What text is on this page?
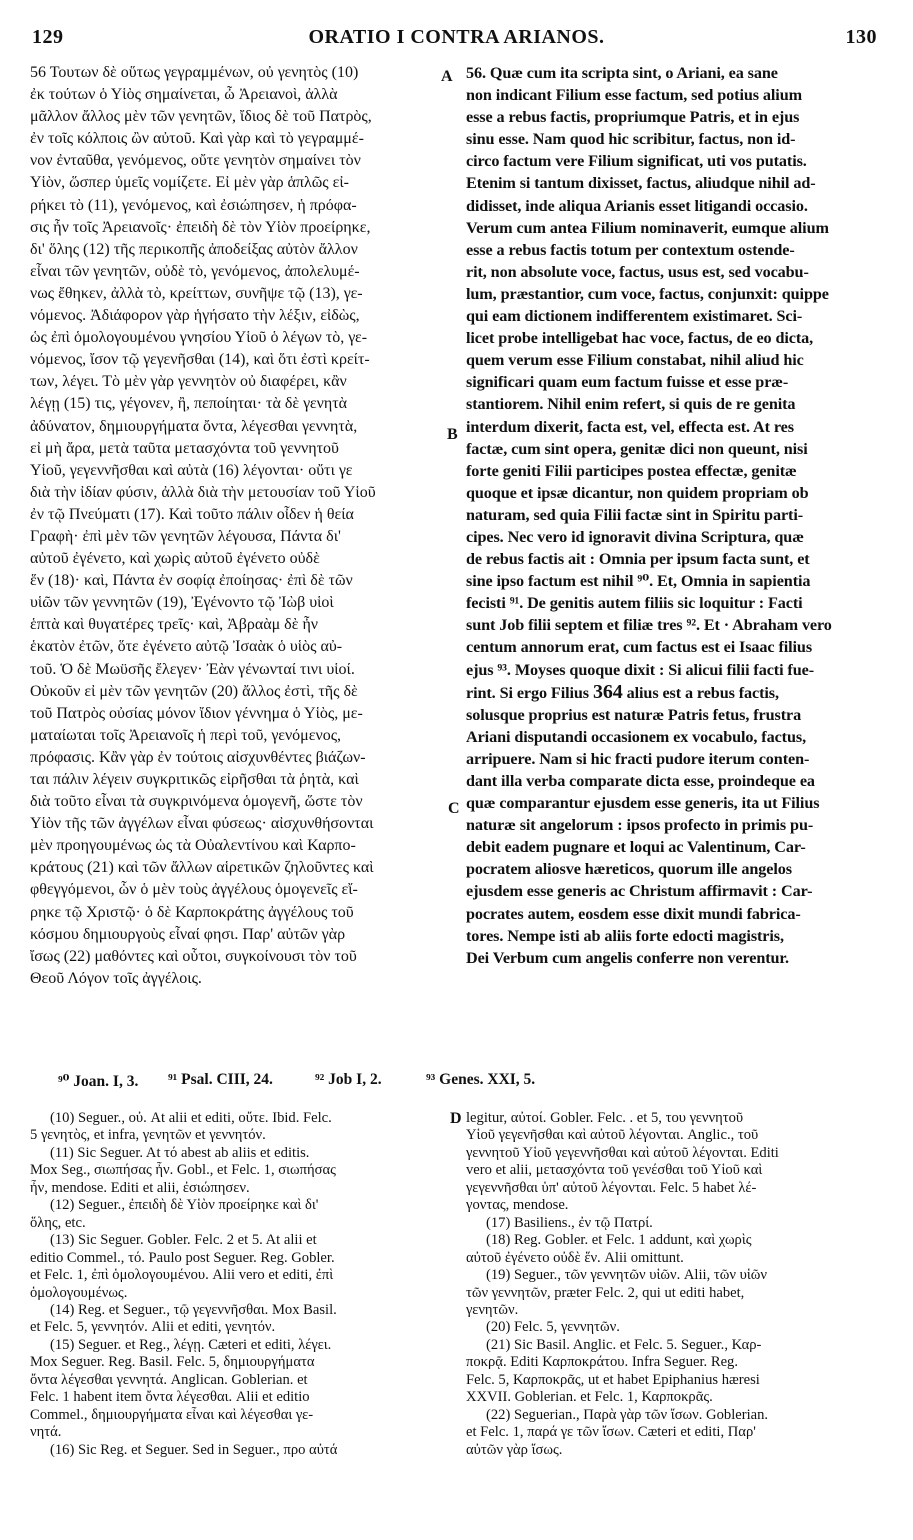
129	ORATIO I CONTRA ARIANOS.	130
A
B
C
D
56 Τουτων δὲ οὕτως γεγραμμένων, οὐ γενητὸς (10)
ἐκ τούτων ὁ Υἱὸς σημαίνεται, ὦ Ἀρειανοὶ, ἀλλὰ
μᾶλλον ἄλλος μὲν τῶν γενητῶν, ἴδιος δὲ τοῦ Πατρὸς,
ἐν τοῖς κόλποις ὢν αὐτοῦ. Καὶ γὰρ καὶ τὸ γεγραμμέ-
νον ἐνταῦθα, γενόμενος, οὔτε γενητὸν σημαίνει τὸν
Υἱὸν, ὥσπερ ὑμεῖς νομίζετε. Εἰ μὲν γὰρ ἁπλῶς εἰ-
ρήκει τὸ (11), γενόμενος, καὶ ἐσιώπησεν, ἡ πρόφα-
σις ἦν τοῖς Ἀρειανοῖς· ἐπειδὴ δὲ τὸν Υἱὸν προείρηκε,
δι' ὅλης (12) τῆς περικοπῆς ἀποδείξας αὐτὸν ἄλλον
εἶναι τῶν γενητῶν, οὐδὲ τὸ, γενόμενος, ἀπολελυμέ-
νως ἔθηκεν, ἀλλὰ τὸ, κρείττων, συνῆψε τῷ (13), γε-
νόμενος. Ἀδιάφορον γὰρ ἡγήσατο τὴν λέξιν, εἰδὼς,
ὡς ἐπὶ ὁμολογουμένου γνησίου Υἱοῦ ὁ λέγων τὸ, γε-
νόμενος, ἴσον τῷ γεγενῆσθαι (14), καὶ ὅτι ἐστὶ κρείτ-
των, λέγει. Τὸ μὲν γὰρ γεννητὸν οὐ διαφέρει, κἂν
λέγῃ (15) τις, γέγονεν, ἢ, πεποίηται· τὰ δὲ γενητὰ
ἀδύνατον, δημιουργήματα ὄντα, λέγεσθαι γεννητὰ,
εἰ μὴ ἄρα, μετὰ ταῦτα μετασχόντα τοῦ γεννητοῦ
Υἱοῦ, γεγεννῆσθαι καὶ αὐτὰ (16) λέγονται· οὔτι γε
διὰ τὴν ἰδίαν φύσιν, ἀλλὰ διὰ τὴν μετουσίαν τοῦ Υἱοῦ
ἐν τῷ Πνεύματι (17). Καὶ τοῦτο πάλιν οἶδεν ἡ θεία
Γραφὴ· ἐπὶ μὲν τῶν γενητῶν λέγουσα, Πάντα δι'
αὐτοῦ ἐγένετο, καὶ χωρὶς αὐτοῦ ἐγένετο οὐδὲ
ἕν (18)· καὶ, Πάντα ἐν σοφίᾳ ἐποίησας· ἐπὶ δὲ τῶν
υἱῶν τῶν γεννητῶν (19), Ἐγένοντο τῷ Ἰὼβ υἱοὶ
ἑπτὰ καὶ θυγατέρες τρεῖς· καὶ, Ἀβραὰμ δὲ ἦν
ἑκατὸν ἐτῶν, ὅτε ἐγένετο αὐτῷ Ἰσαὰκ ὁ υἱὸς αὐ-
τοῦ. Ὁ δὲ Μωϋσῆς ἔλεγεν· Ἐὰν γένωνταί τινι υἱοί.
Οὐκοῦν εἰ μὲν τῶν γενητῶν (20) ἄλλος ἐστὶ, τῆς δὲ
τοῦ Πατρὸς οὐσίας μόνον ἴδιον γέννημα ὁ Υἱὸς, με-
ματαίωται τοῖς Ἀρειανοῖς ἡ περὶ τοῦ, γενόμενος,
πρόφασις. Κἂν γὰρ ἐν τούτοις αἰσχυνθέντες βιάζων-
ται πάλιν λέγειν συγκριτικῶς εἰρῆσθαι τὰ ῥητὰ, καὶ
διὰ τοῦτο εἶναι τὰ συγκρινόμενα ὁμογενῆ, ὥστε τὸν
Υἱὸν τῆς τῶν ἀγγέλων εἶναι φύσεως· αἰσχυνθήσονται
μὲν προηγουμένως ὡς τὰ Οὐαλεντίνου καὶ Καρπο-
κράτους (21) καὶ τῶν ἄλλων αἱρετικῶν ζηλοῦντες καὶ
φθεγγόμενοι, ὧν ὁ μὲν τοὺς ἀγγέλους ὁμογενεῖς εἴ-
ρηκε τῷ Χριστῷ· ὁ δὲ Καρποκράτης ἀγγέλους τοῦ
κόσμου δημιουργοὺς εἶναί φησι. Παρ' αὐτῶν γὰρ
ἴσως (22) μαθόντες καὶ οὗτοι, συγκοίνουσι τὸν τοῦ
Θεοῦ Λόγον τοῖς ἀγγέλοις.
56. Quæ cum ita scripta sint, o Ariani, ea sane
non indicant Filium esse factum, sed potius alium
esse a rebus factis, propriumque Patris, et in ejus
sinu esse. Nam quod hic scribitur, factus, non id-
circo factum vere Filium significat, uti vos putatis.
Etenim si tantum dixisset, factus, aliudque nihil ad-
didisset, inde aliqua Arianis esset litigandi occasio.
Verum cum antea Filium nominaverit, eumque alium
esse a rebus factis totum per contextum ostende-
rit, non absolute voce, factus, usus est, sed vocabu-
lum, præstantior, cum voce, factus, conjunxit: quippe
qui eam dictionem indifferentem existimaret. Sci-
licet probe intelligebat hac voce, factus, de eo dicta,
quem verum esse Filium constabat, nihil aliud hic
significari quam eum factum fuisse et esse præ-
stantiorem. Nihil enim refert, si quis de re genita
interdum dixerit, facta est, vel, effecta est. At res
factæ, cum sint opera, genitæ dici non queunt, nisi
forte geniti Filii participes postea effectæ, genitæ
quoque et ipsæ dicantur, non quidem propriam ob
naturam, sed quia Filii factæ sint in Spiritu parti-
cipes. Nec vero id ignoravit divina Scriptura, quæ
de rebus factis ait : Omnia per ipsum facta sunt, et
sine ipso factum est nihil ⁹⁰. Et, Omnia in sapientia
fecisti ⁹¹. De genitis autem filiis sic loquitur : Facti
sunt Job filii septem et filiæ tres ⁹². Et · Abraham vero
centum annorum erat, cum factus est ei Isaac filius
ejus ⁹³. Moyses quoque dixit : Si alicui filii facti fue-
rint. Si ergo Filius 364 alius est a rebus factis,
solusque proprius est naturæ Patris fetus, frustra
Ariani disputandi occasionem ex vocabulo, factus,
arripuere. Nam si hic fracti pudore iterum conten-
dant illa verba comparate dicta esse, proindeque ea
quæ comparantur ejusdem esse generis, ita ut Filius
naturæ sit angelorum : ipsos profecto in primis pu-
debit eadem pugnare et loqui ac Valentinum, Car-
pocratem aliosve hæreticos, quorum ille angelos
ejusdem esse generis ac Christum affirmavit : Car-
pocrates autem, eosdem esse dixit mundi fabrica-
tores. Nempe isti ab aliis forte edocti magistris,
Dei Verbum cum angelis conferre non verentur.
⁹⁰ Joan. I, 3. ⁹¹ Psal. CIII, 24.	⁹² Job I, 2.	⁹³ Genes. XXI, 5.
(10) Seguer., οὐ. At alii et editi, οὔτε. Ibid. Felc.
5 γενητὸς, et infra, γενητῶν et γεννητόν.
(11) Sic Seguer. At τό abest ab aliis et editis.
Mox Seg., σιωπήσας ἦν. Gobl., et Felc. 1, σιωπήσας
ἦν, mendose. Editi et alii, ἐσιώπησεν.
(12) Seguer., ἐπειδὴ δὲ Υἱὸν προείρηκε καὶ δι'
ὅλης, etc.
(13) Sic Seguer. Gobler. Felc. 2 et 5. At alii et
editio Commel., τό. Paulo post Seguer. Reg. Gobler.
et Felc. 1, ἐπὶ ὁμολογουμένου. Alii vero et editi, ἐπὶ
ὁμολογουμένως.
(14) Reg. et Seguer., τῷ γεγεννῆσθαι. Mox Basil.
et Felc. 5, γεννητόν. Alii et editi, γενητόν.
(15) Seguer. et Reg., λέγῃ. Cæteri et editi, λέγει.
Mox Seguer. Reg. Basil. Felc. 5, δημιουργήματα
ὄντα λέγεσθαι γεννητά. Anglican. Goblerian. et
Felc. 1 habent item ὄντα λέγεσθαι. Alii et editio
Commel., δημιουργήματα εἶναι καὶ λέγεσθαι γε-
νητά.
(16) Sic Reg. et Seguer. Sed in Seguer., προ αὐτά
legitur, αὐτοί. Gobler. Felc. . et 5, του γεννητοῦ
Υἱοῦ γεγενῆσθαι καὶ αὐτοῦ λέγονται. Anglic., τοῦ
γεννητοῦ Υἱοῦ γεγεννῆσθαι καὶ αὐτοῦ λέγονται. Editi
vero et alii, μετασχόντα τοῦ γενέσθαι τοῦ Υἱοῦ καὶ
γεγεννῆσθαι ὑπ' αὐτοῦ λέγονται. Felc. 5 habet λέ-
γοντας, mendose.
(17) Basiliens., ἐν τῷ Πατρί.
(18) Reg. Gobler. et Felc. 1 addunt, καὶ χωρὶς
αὐτοῦ ἐγένετο οὐδὲ ἕν. Alii omittunt.
(19) Seguer., τῶν γεννητῶν υἱῶν. Alii, τῶν υἱῶν
τῶν γεννητῶν, præter Felc. 2, qui ut editi habet,
γενητῶν.
(20) Felc. 5, γεννητῶν.
(21) Sic Basil. Anglic. et Felc. 5. Seguer., Καρ-
ποκρᾷ. Editi Καρποκράτου. Infra Seguer. Reg.
Felc. 5, Καρποκρᾶς, ut et habet Epiphanius hæresi
XXVII. Goblerian. et Felc. 1, Καρποκρᾶς.
(22) Seguerian., Παρὰ γὰρ τῶν ἴσων. Goblerian.
et Felc. 1, παρά γε τῶν ἴσων. Cæteri et editi, Παρ'
αὐτῶν γὰρ ἴσως.
